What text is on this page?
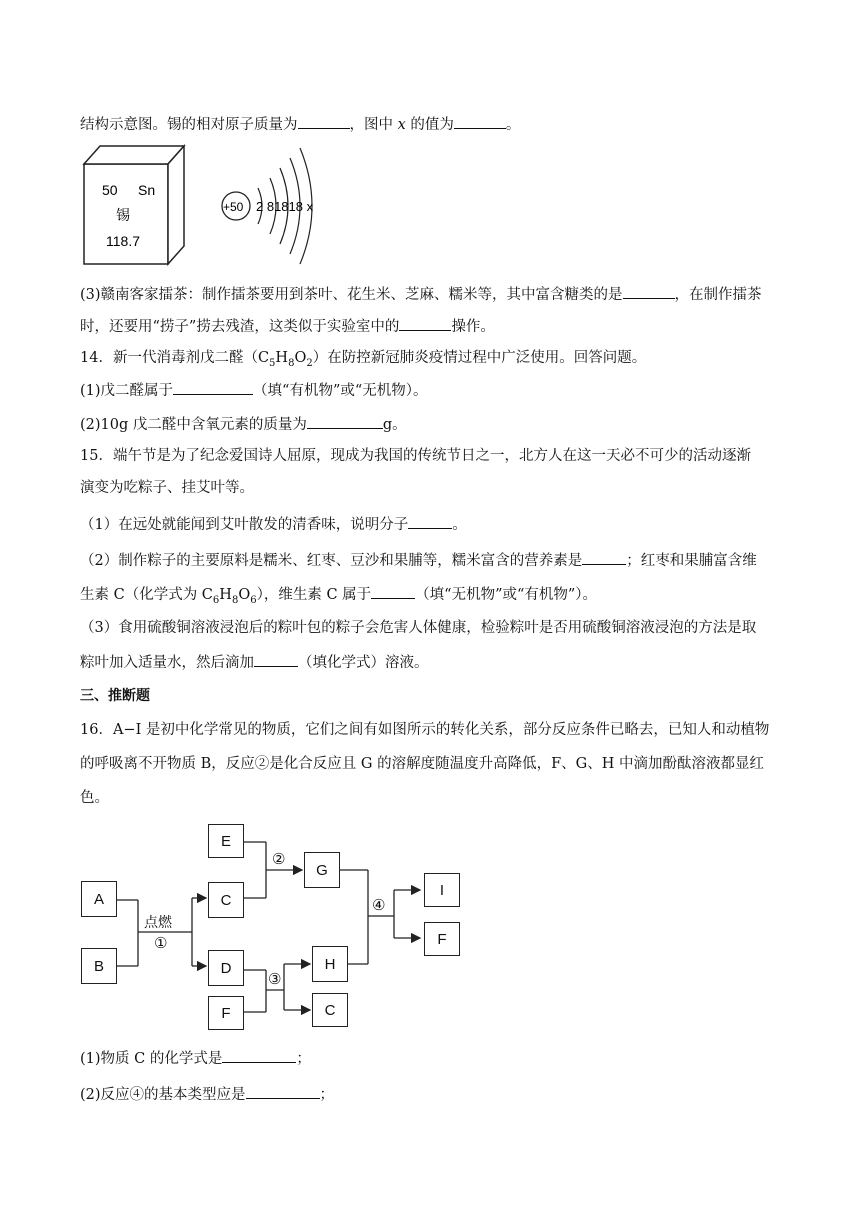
结构示意图。锡的相对原子质量为	，图中 x 的值为	。
50 Sn
锡
118.7
+50 2 81818 x
(3)赣南客家擂茶：制作擂茶要用到茶叶、花生米、芝麻、糯米等，其中富含糖类的是	，在制作擂茶
时，还要用“捞子”捞去残渣，这类似于实验室中的	操作。
14．新一代消毒剂戊二醛$(C_5H_8O_2)$在防控新冠肺炎疫情过程中广泛使用。回答问题。
(1)戊二醛属于	（填“有机物”或“无机物）。
(2)10g 戊二醛中含氧元素的质量为	g。
15．端午节是为了纪念爱国诗人屈原，现成为我国的传统节日之一，北方人在这一天必不可少的活动逐渐
演变为吃粽子、挂艾叶等。
（1）在远处就能闻到艾叶散发的清香味，说明分子	。
（2）制作粽子的主要原料是糯米、红枣、豆沙和果脯等，糯米富含的营养素是	；红枣和果脯富含维
生素 C（化学式为 $C_6H_8O_6$），维生素 C 属于	（填“无机物”或“有机物”）。
（3）食用硫酸铜溶液浸泡后的粽叶包的粽子会危害人体健康，检验粽叶是否用硫酸铜溶液浸泡的方法是取
粽叶加入适量水，然后滴加	（填化学式）溶液。
三、推断题
16．A−I 是初中化学常见的物质，它们之间有如图所示的转化关系，部分反应条件已略去，已知人和动植物
的呼吸离不开物质 B，反应②是化合反应且 G 的溶解度随温度升高降低，F、G、H 中滴加酚酞溶液都显红
色。
A
B
E
C
D
F
G
H
C
I
F
点燃
①
②
③
④
(1)物质 C 的化学式是	；
(2)反应④的基本类型应是	；
